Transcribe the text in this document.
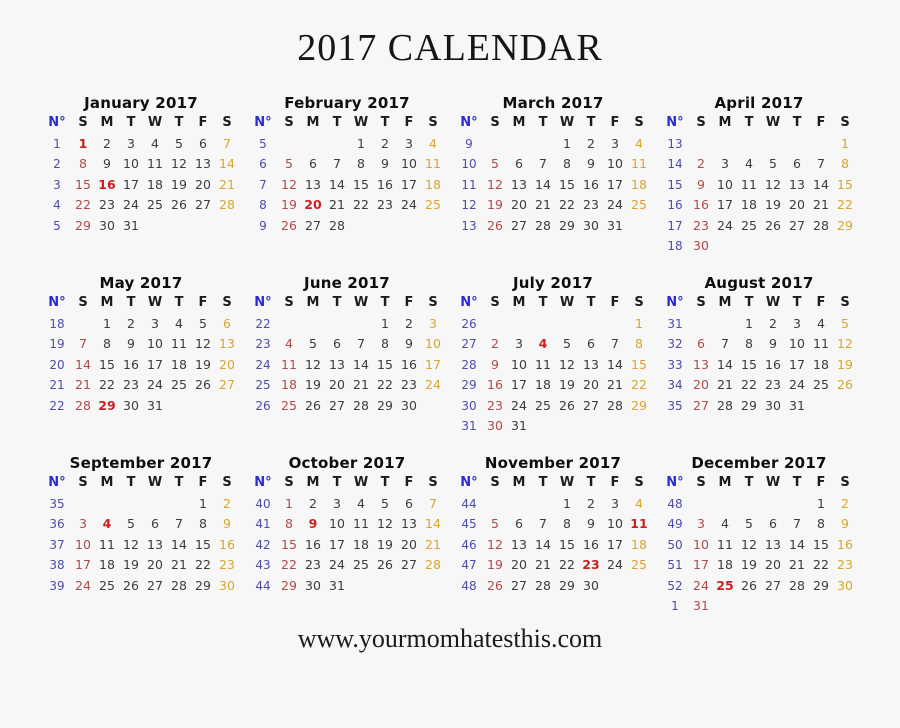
2017 CALENDAR
January 2017
N°	S	M	T	W	T	F	S
1	1	2	3	4	5	6	7
2	8	9	10	11	12	13	14
3	15	16	17	18	19	20	21
4	22	23	24	25	26	27	28
5	29	30	31				
February 2017
N°	S	M	T	W	T	F	S
5				1	2	3	4
6	5	6	7	8	9	10	11
7	12	13	14	15	16	17	18
8	19	20	21	22	23	24	25
9	26	27	28				
March 2017
N°	S	M	T	W	T	F	S
9				1	2	3	4
10	5	6	7	8	9	10	11
11	12	13	14	15	16	17	18
12	19	20	21	22	23	24	25
13	26	27	28	29	30	31	
April 2017
N°	S	M	T	W	T	F	S
13							1
14	2	3	4	5	6	7	8
15	9	10	11	12	13	14	15
16	16	17	18	19	20	21	22
17	23	24	25	26	27	28	29
18	30						
May 2017
N°	S	M	T	W	T	F	S
18		1	2	3	4	5	6
19	7	8	9	10	11	12	13
20	14	15	16	17	18	19	20
21	21	22	23	24	25	26	27
22	28	29	30	31			
June 2017
N°	S	M	T	W	T	F	S
22					1	2	3
23	4	5	6	7	8	9	10
24	11	12	13	14	15	16	17
25	18	19	20	21	22	23	24
26	25	26	27	28	29	30	
July 2017
N°	S	M	T	W	T	F	S
26							1
27	2	3	4	5	6	7	8
28	9	10	11	12	13	14	15
29	16	17	18	19	20	21	22
30	23	24	25	26	27	28	29
31	30	31					
August 2017
N°	S	M	T	W	T	F	S
31			1	2	3	4	5
32	6	7	8	9	10	11	12
33	13	14	15	16	17	18	19
34	20	21	22	23	24	25	26
35	27	28	29	30	31		
September 2017
N°	S	M	T	W	T	F	S
35						1	2
36	3	4	5	6	7	8	9
37	10	11	12	13	14	15	16
38	17	18	19	20	21	22	23
39	24	25	26	27	28	29	30
October 2017
N°	S	M	T	W	T	F	S
40	1	2	3	4	5	6	7
41	8	9	10	11	12	13	14
42	15	16	17	18	19	20	21
43	22	23	24	25	26	27	28
44	29	30	31				
November 2017
N°	S	M	T	W	T	F	S
44				1	2	3	4
45	5	6	7	8	9	10	11
46	12	13	14	15	16	17	18
47	19	20	21	22	23	24	25
48	26	27	28	29	30		
December 2017
N°	S	M	T	W	T	F	S
48						1	2
49	3	4	5	6	7	8	9
50	10	11	12	13	14	15	16
51	17	18	19	20	21	22	23
52	24	25	26	27	28	29	30
1	31						
www.yourmomhatesthis.com
